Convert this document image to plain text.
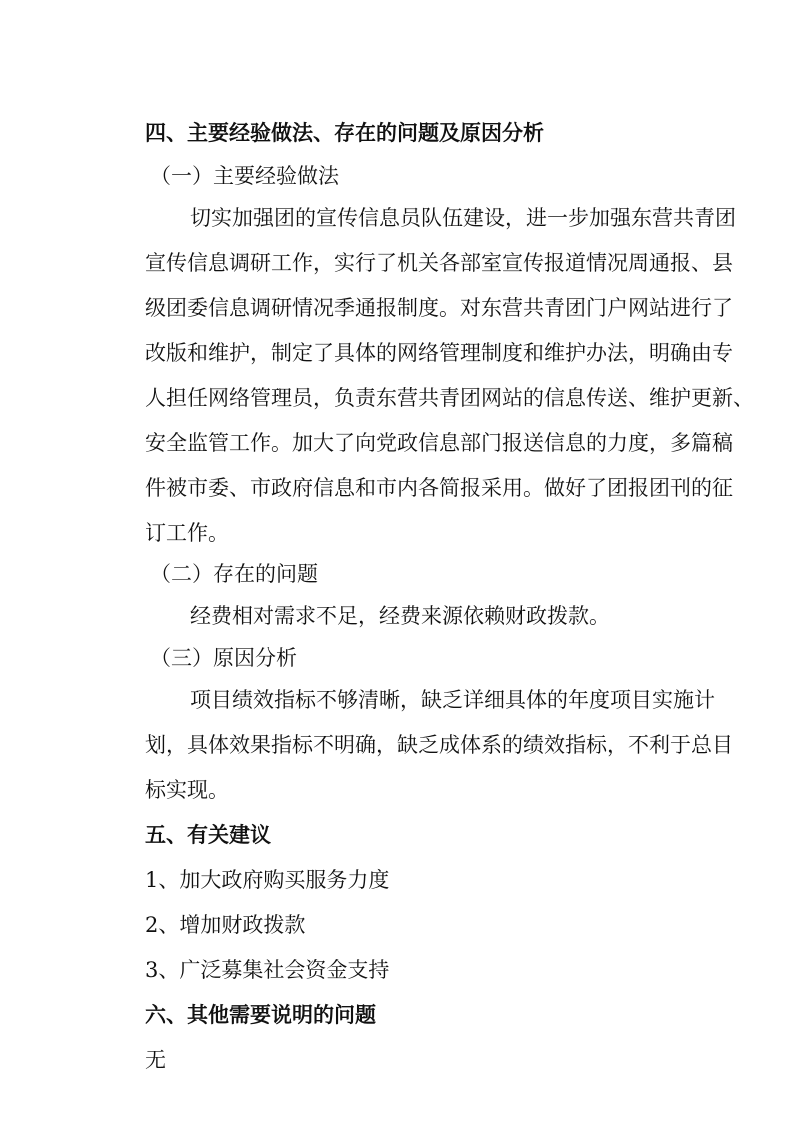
四、主要经验做法、存在的问题及原因分析
（一）主要经验做法
切实加强团的宣传信息员队伍建设，进一步加强东营共青团
宣传信息调研工作，实行了机关各部室宣传报道情况周通报、县
级团委信息调研情况季通报制度。对东营共青团门户网站进行了
改版和维护，制定了具体的网络管理制度和维护办法，明确由专
人担任网络管理员，负责东营共青团网站的信息传送、维护更新、
安全监管工作。加大了向党政信息部门报送信息的力度，多篇稿
件被市委、市政府信息和市内各简报采用。做好了团报团刊的征
订工作。
（二）存在的问题
经费相对需求不足，经费来源依赖财政拨款。
（三）原因分析
项目绩效指标不够清晰，缺乏详细具体的年度项目实施计
划，具体效果指标不明确，缺乏成体系的绩效指标，不利于总目
标实现。
五、有关建议
1、加大政府购买服务力度
2、增加财政拨款
3、广泛募集社会资金支持
六、其他需要说明的问题
无
